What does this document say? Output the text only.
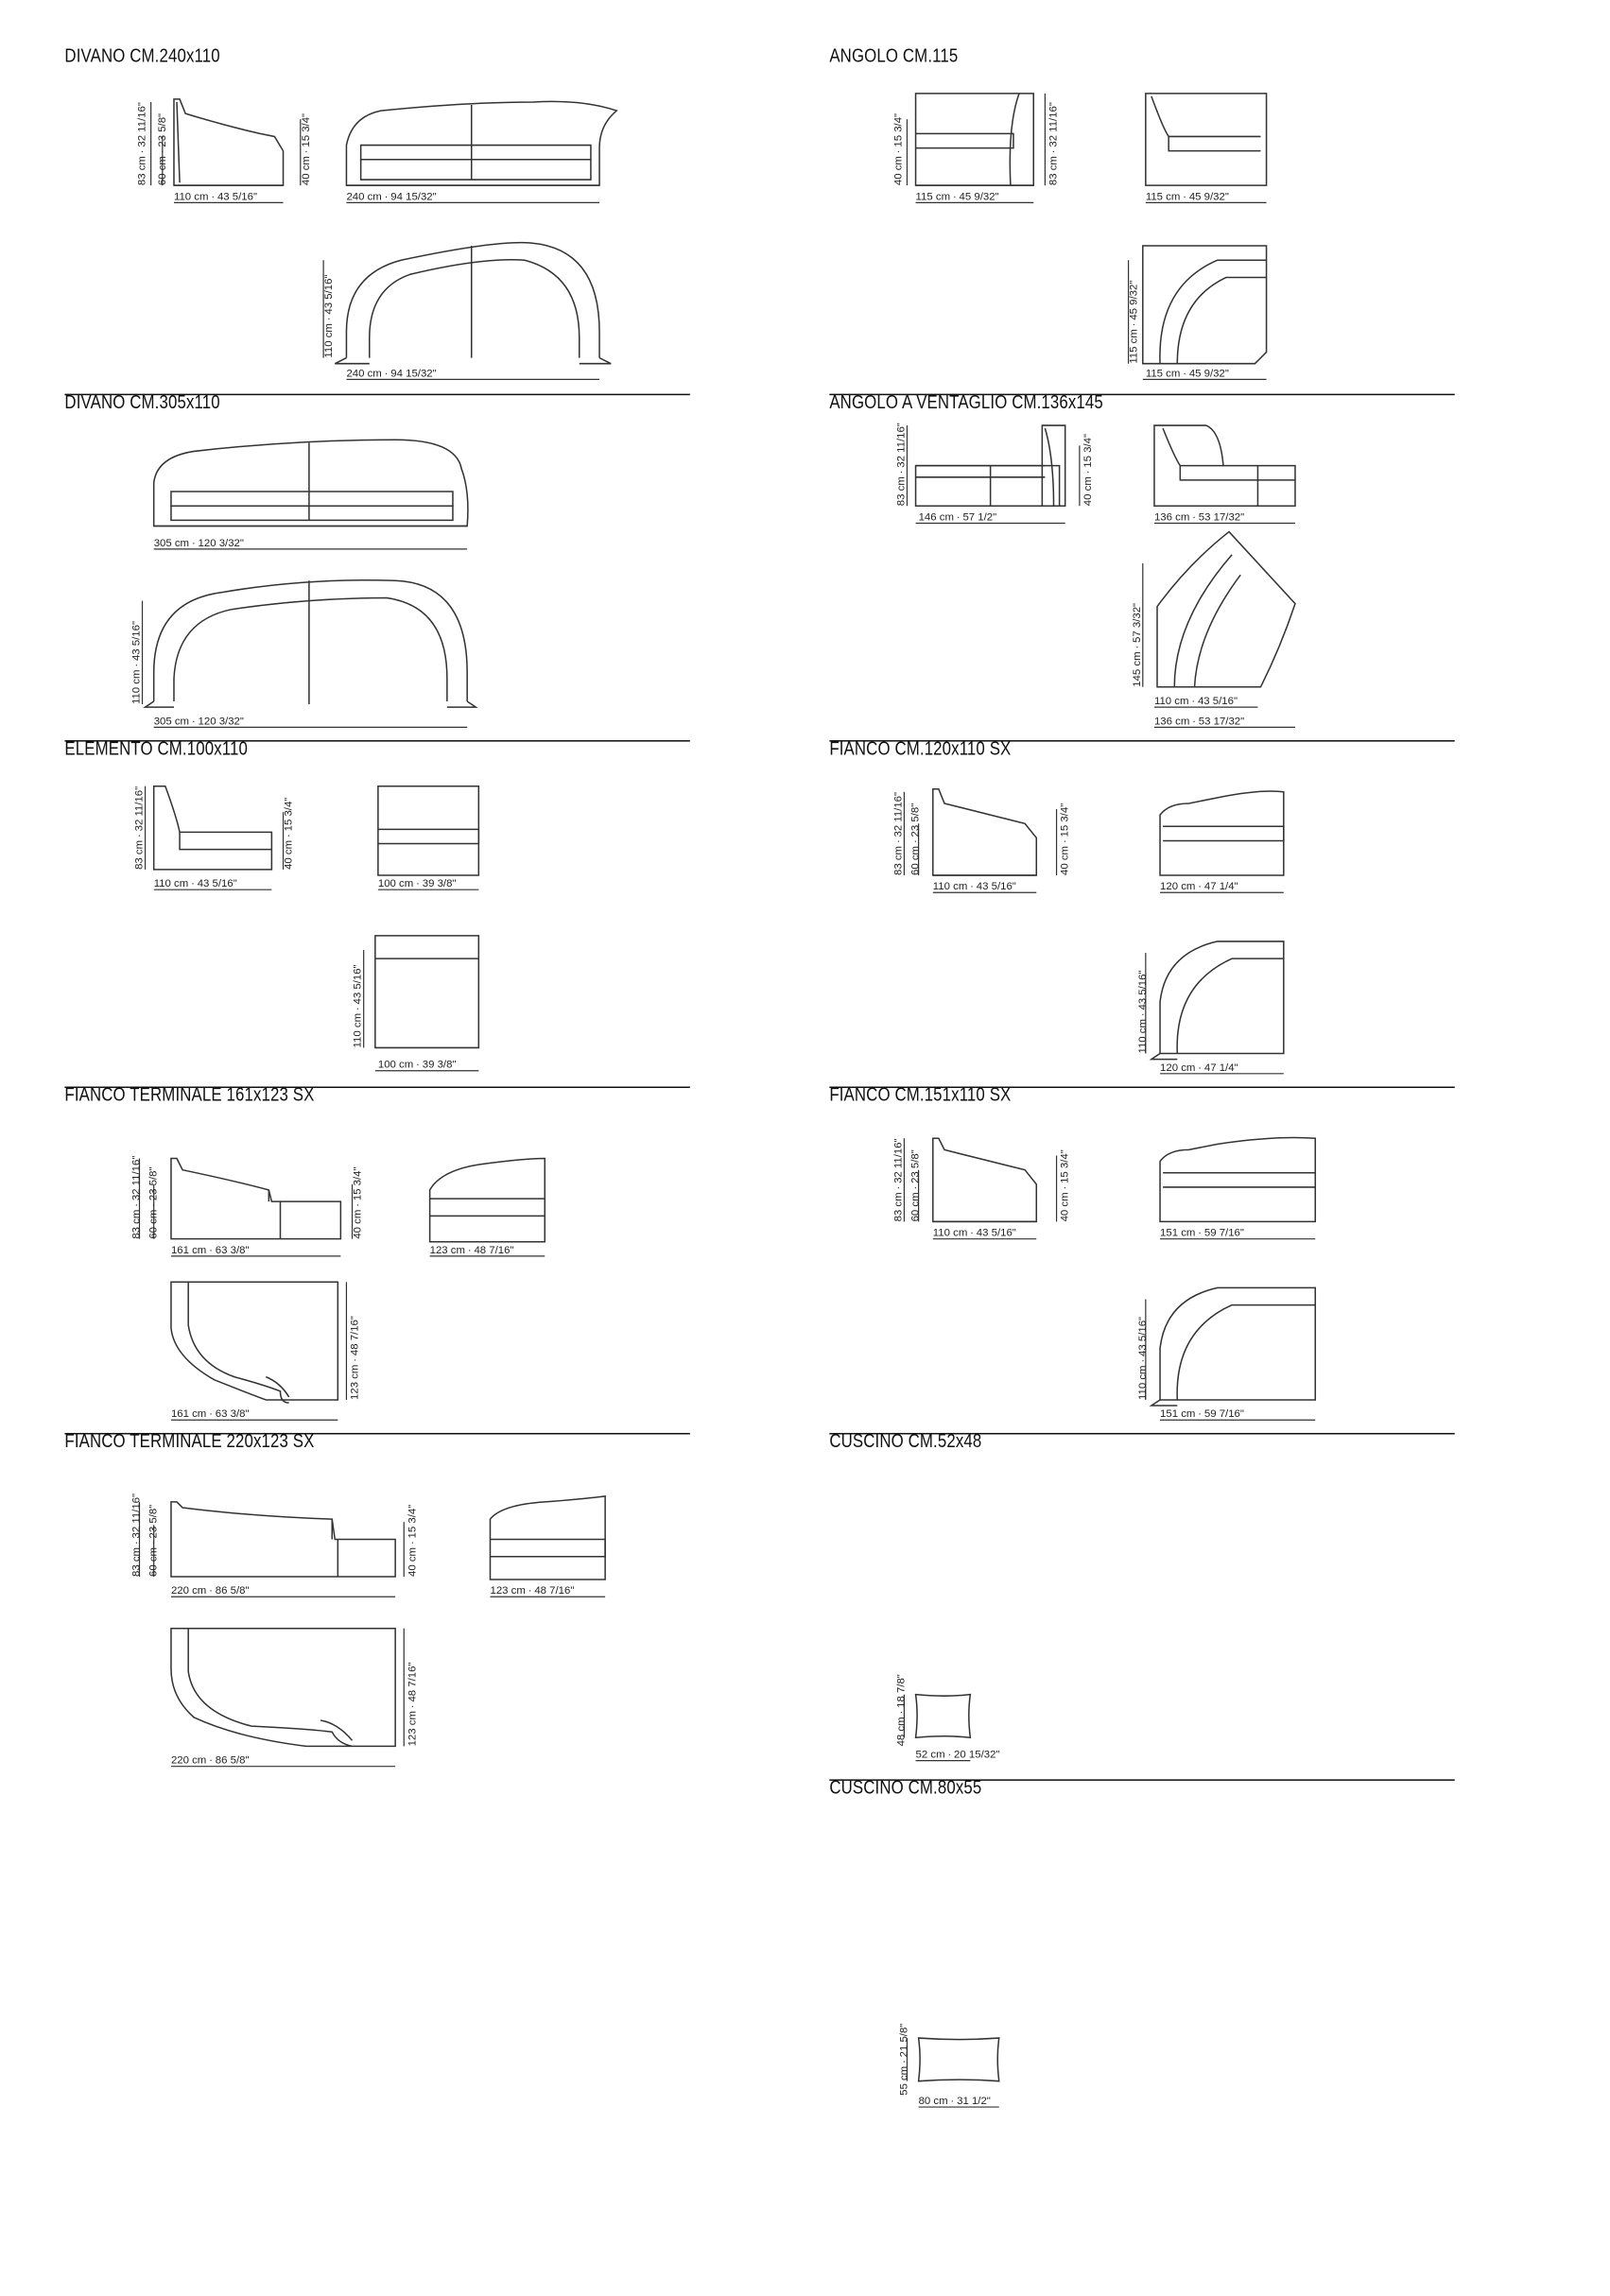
DIVANO CM.240x110
83 cm ∙ 32 11/16" 60 cm ∙ 23 5/8"
110 cm ∙ 43 5/16"
40 cm ∙ 15 3/4"
240 cm ∙ 94 15/32"
110 cm ∙ 43 5/16"
240 cm ∙ 94 15/32"
ANGOLO CM.115
40 cm ∙ 15 3/4"	83 cm ∙ 32 11/16"
115 cm ∙ 45 9/32"	115 cm ∙ 45 9/32"
115 cm ∙ 45 9/32"
115 cm ∙ 45 9/32"
DIVANO CM.305x110
305 cm ∙ 120 3/32"
110 cm ∙ 43 5/16"
305 cm ∙ 120 3/32"
ANGOLO A VENTAGLIO CM.136x145
83 cm ∙ 32 11/16"
146 cm ∙ 57 1/2"
40 cm ∙ 15 3/4"
136 cm ∙ 53 17/32"
145 cm ∙ 57 3/32"
110 cm ∙ 43 5/16"
136 cm ∙ 53 17/32"
ELEMENTO CM.100x110
83 cm ∙ 32 11/16"
110 cm ∙ 43 5/16"
40 cm ∙ 15 3/4"
100 cm ∙ 39 3/8"
110 cm ∙ 43 5/16"
100 cm ∙ 39 3/8"
FIANCO CM.120x110 SX
83 cm ∙ 32 11/16" 60 cm ∙ 23 5/8"
110 cm ∙ 43 5/16"
40 cm ∙ 15 3/4"
120 cm ∙ 47 1/4"
110 cm ∙ 43 5/16"
120 cm ∙ 47 1/4"
FIANCO TERMINALE 161x123 SX
83 cm ∙ 32 11/16" 60 cm ∙ 23 5/8"
161 cm ∙ 63 3/8"
40 cm ∙ 15 3/4"
123 cm ∙ 48 7/16"
123 cm ∙ 48 7/16"
161 cm ∙ 63 3/8"
FIANCO CM.151x110 SX
83 cm ∙ 32 11/16" 60 cm ∙ 23 5/8"
110 cm ∙ 43 5/16"
40 cm ∙ 15 3/4"
151 cm ∙ 59 7/16"
110 cm ∙ 43 5/16"
151 cm ∙ 59 7/16"
FIANCO TERMINALE 220x123 SX
83 cm ∙ 32 11/16" 60 cm ∙ 23 5/8"
220 cm ∙ 86 5/8"
40 cm ∙ 15 3/4"
123 cm ∙ 48 7/16"
123 cm ∙ 48 7/16"
220 cm ∙ 86 5/8"
CUSCINO CM.52x48
48 cm ∙ 18 7/8"
52 cm ∙ 20 15/32"
CUSCINO CM.80x55
55 cm ∙ 21 5/8"
80 cm ∙ 31 1/2"
